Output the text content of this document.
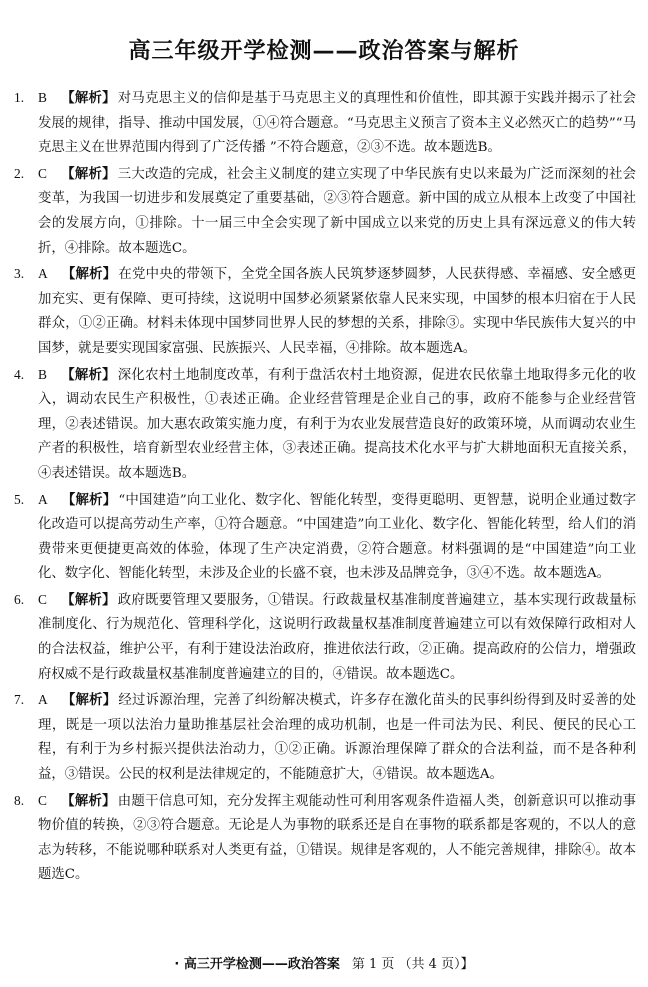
高三年级开学检测——政治答案与解析
1. B 【解析】 对马克思主义的信仰是基于马克思主义的真理性和价值性，即其源于实践并揭示了社会发展的规律，指导、推动中国发展，①④符合题意。“马克思主义预言了资本主义必然灭亡的趋势”“马克思主义在世界范围内得到了广泛传播 ”不符合题意，②③不选。故本题选B。
2. C 【解析】 三大改造的完成，社会主义制度的建立实现了中华民族有史以来最为广泛而深刻的社会变革，为我国一切进步和发展奠定了重要基础，②③符合题意。新中国的成立从根本上改变了中国社会的发展方向，①排除。十一届三中全会实现了新中国成立以来党的历史上具有深远意义的伟大转折，④排除。故本题选C。
3. A 【解析】 在党中央的带领下，全党全国各族人民筑梦逐梦圆梦，人民获得感、幸福感、安全感更加充实、更有保障、更可持续，这说明中国梦必须紧紧依靠人民来实现，中国梦的根本归宿在于人民群众，①②正确。材料未体现中国梦同世界人民的梦想的关系，排除③。实现中华民族伟大复兴的中国梦，就是要实现国家富强、民族振兴、人民幸福，④排除。故本题选A。
4. B 【解析】 深化农村土地制度改革，有利于盘活农村土地资源，促进农民依靠土地取得多元化的收入，调动农民生产积极性，①表述正确。企业经营管理是企业自己的事，政府不能参与企业经营管理，②表述错误。加大惠农政策实施力度，有利于为农业发展营造良好的政策环境，从而调动农业生产者的积极性，培育新型农业经营主体，③表述正确。提高技术化水平与扩大耕地面积无直接关系，④表述错误。故本题选B。
5. A 【解析】 “中国建造”向工业化、数字化、智能化转型，变得更聪明、更智慧，说明企业通过数字化改造可以提高劳动生产率，①符合题意。“中国建造”向工业化、数字化、智能化转型，给人们的消费带来更便捷更高效的体验，体现了生产决定消费，②符合题意。材料强调的是“中国建造”向工业化、数字化、智能化转型，未涉及企业的长盛不衰，也未涉及品牌竞争，③④不选。故本题选A。
6. C 【解析】 政府既要管理又要服务，①错误。行政裁量权基准制度普遍建立，基本实现行政裁量标准制度化、行为规范化、管理科学化，这说明行政裁量权基准制度普遍建立可以有效保障行政相对人的合法权益，维护公平，有利于建设法治政府，推进依法行政，②正确。提高政府的公信力，增强政府权威不是行政裁量权基准制度普遍建立的目的，④错误。故本题选C。
7. A 【解析】 经过诉源治理，完善了纠纷解决模式，许多存在激化苗头的民事纠纷得到及时妥善的处理，既是一项以法治力量助推基层社会治理的成功机制，也是一件司法为民、利民、便民的民心工程，有利于为乡村振兴提供法治动力，①②正确。诉源治理保障了群众的合法利益，而不是各种利益，③错误。公民的权利是法律规定的，不能随意扩大，④错误。故本题选A。
8. C 【解析】 由题干信息可知，充分发挥主观能动性可利用客观条件造福人类，创新意识可以推动事物价值的转换，②③符合题意。无论是人为事物的联系还是自在事物的联系都是客观的，不以人的意志为转移，不能说哪种联系对人类更有益，①错误。规律是客观的，人不能完善规律，排除④。故本题选C。
· 高三开学检测——政治答案 第 1 页 （共 4 页）】
